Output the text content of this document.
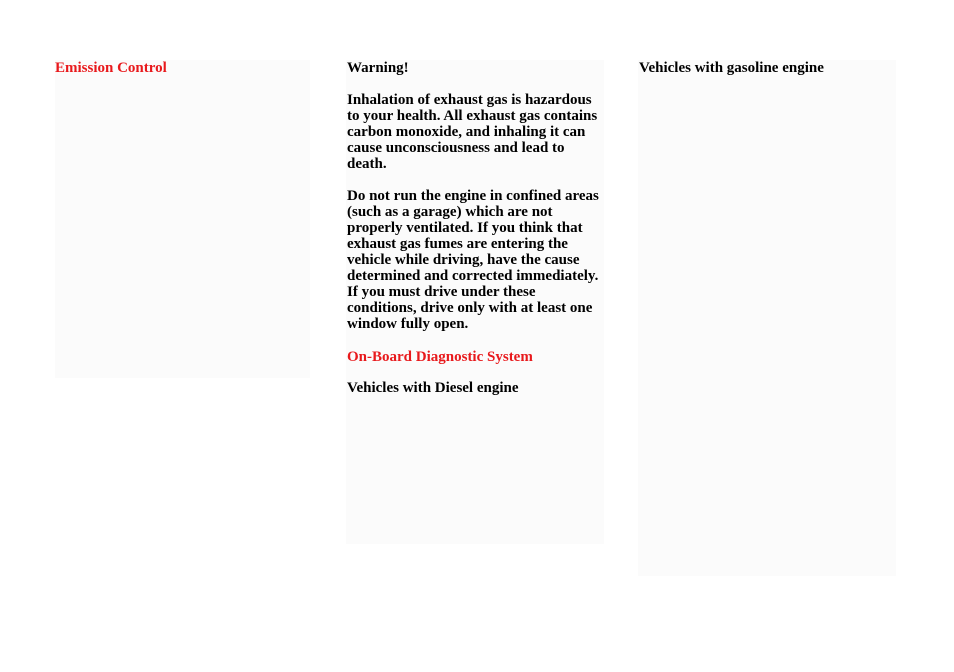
Emission Control	Warning!

Inhalation of exhaust gas is hazardous to your health. All exhaust gas contains carbon monoxide, and inhaling it can cause unconsciousness and lead to death.

Do not run the engine in confined areas (such as a garage) which are not properly ventilated. If you think that exhaust gas fumes are entering the vehicle while driving, have the cause determined and corrected immediately. If you must drive under these conditions, drive only with at least one window fully open.

On-Board Diagnostic System

Vehicles with Diesel engine

Vehicles with gasoline engine
